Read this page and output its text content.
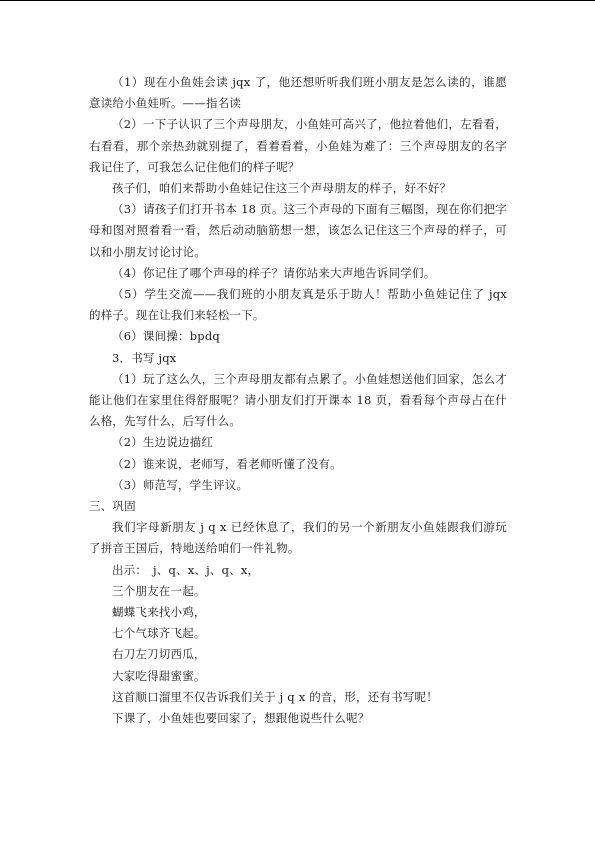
（1）现在小鱼娃会读 jqx 了，他还想听听我们班小朋友是怎么读的，谁愿意读给小鱼娃听。——指名读

（2）一下子认识了三个声母朋友，小鱼娃可高兴了，他拉着他们，左看看，右看看，那个亲热劲就别提了，看着看着，小鱼娃为难了：三个声母朋友的名字我记住了，可我怎么记住他们的样子呢？

孩子们，咱们来帮助小鱼娃记住这三个声母朋友的样子，好不好？

（3）请孩子们打开书本 18 页。这三个声母的下面有三幅图，现在你们把字母和图对照着看一看，然后动动脑筋想一想，该怎么记住这三个声母的样子，可以和小朋友讨论讨论。

（4）你记住了哪个声母的样子？请你站来大声地告诉同学们。

（5）学生交流——我们班的小朋友真是乐于助人！帮助小鱼娃记住了 jqx 的样子。现在让我们来轻松一下。

（6）课间操：bpdq

3．书写 jqx

（1）玩了这么久，三个声母朋友都有点累了。小鱼娃想送他们回家，怎么才能让他们在家里住得舒服呢？请小朋友们打开课本 18 页，看看每个声母占在什么格，先写什么，后写什么。

（2）生边说边描红

（2）谁来说，老师写，看老师听懂了没有。

（3）师范写，学生评议。

三、巩固

我们字母新朋友 j q x 已经休息了，我们的另一个新朋友小鱼娃跟我们游玩了拼音王国后，特地送给咱们一件礼物。

出示：　j、q、x、j、q、x，

三个朋友在一起。

蝴蝶飞来找小鸡，

七个气球齐飞起。

右刀左刀切西瓜，

大家吃得甜蜜蜜。

这首顺口溜里不仅告诉我们关于 j q x 的音，形，还有书写呢！

下课了，小鱼娃也要回家了，想跟他说些什么呢？
